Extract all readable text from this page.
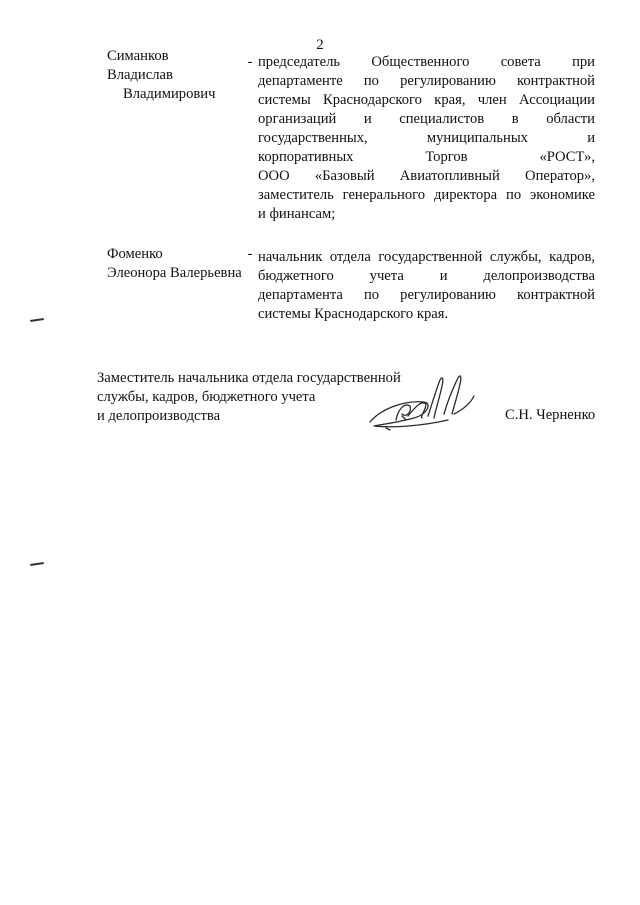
2
Симанков
Владислав
Владимирович
- председатель Общественного совета при
департаменте по регулированию контрактной
системы Краснодарского края, член Ассоциации
организаций и специалистов в области
государственных, муниципальных и
корпоративных Торгов «РОСТ»,
ООО «Базовый Авиатопливный Оператор»,
заместитель генерального директора по экономике
и финансам;
Фоменко
Элеонора Валерьевна
- начальник отдела государственной службы, кадров,
бюджетного учета и делопроизводства
департамента по регулированию контрактной
системы Краснодарского края.
Заместитель начальника отдела государственной
службы, кадров, бюджетного учета
и делопроизводства	С.Н. Черненко
